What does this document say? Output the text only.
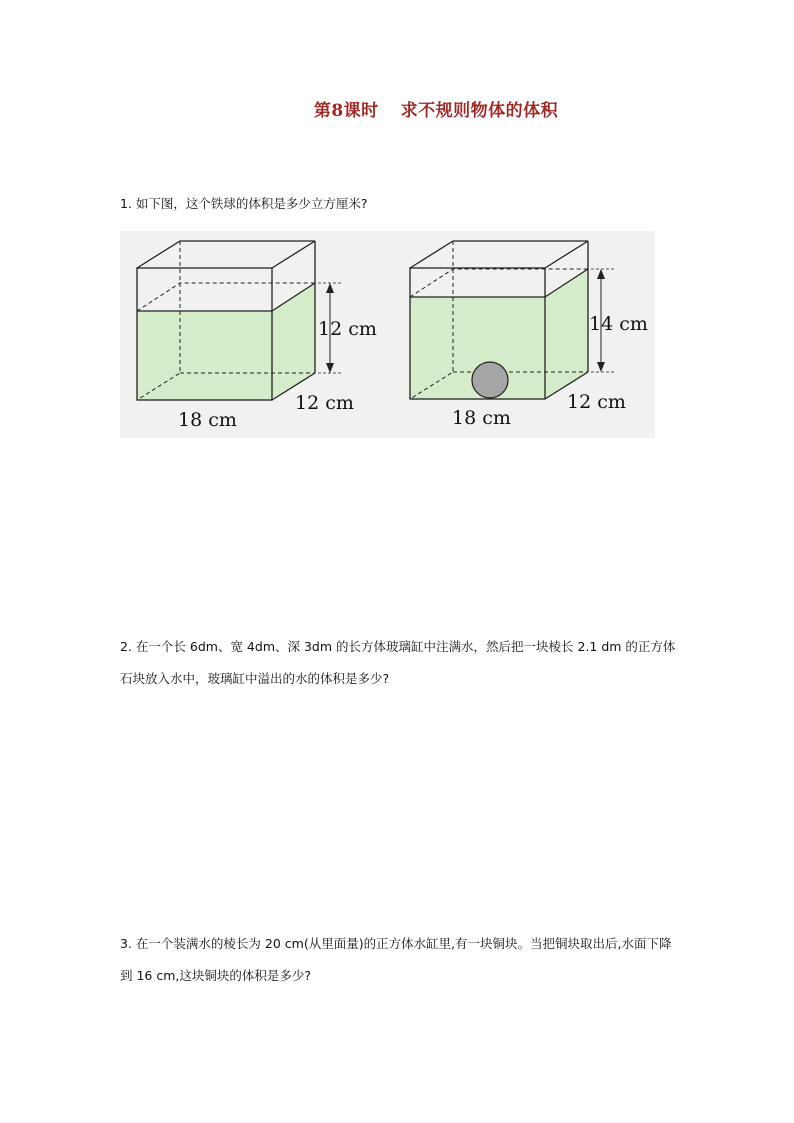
第8课时 求不规则物体的体积
1. 如下图，这个铁球的体积是多少立方厘米?
12 cm
18 cm
12 cm
14 cm
18 cm
12 cm
2. 在一个长 6dm、宽 4dm、深 3dm 的长方体玻璃缸中注满水，然后把一块棱长 2.1 dm 的正方体石块放入水中，玻璃缸中溢出的水的体积是多少?
3. 在一个装满水的棱长为 20 cm(从里面量)的正方体水缸里,有一块铜块。当把铜块取出后,水面下降到 16 cm,这块铜块的体积是多少?
